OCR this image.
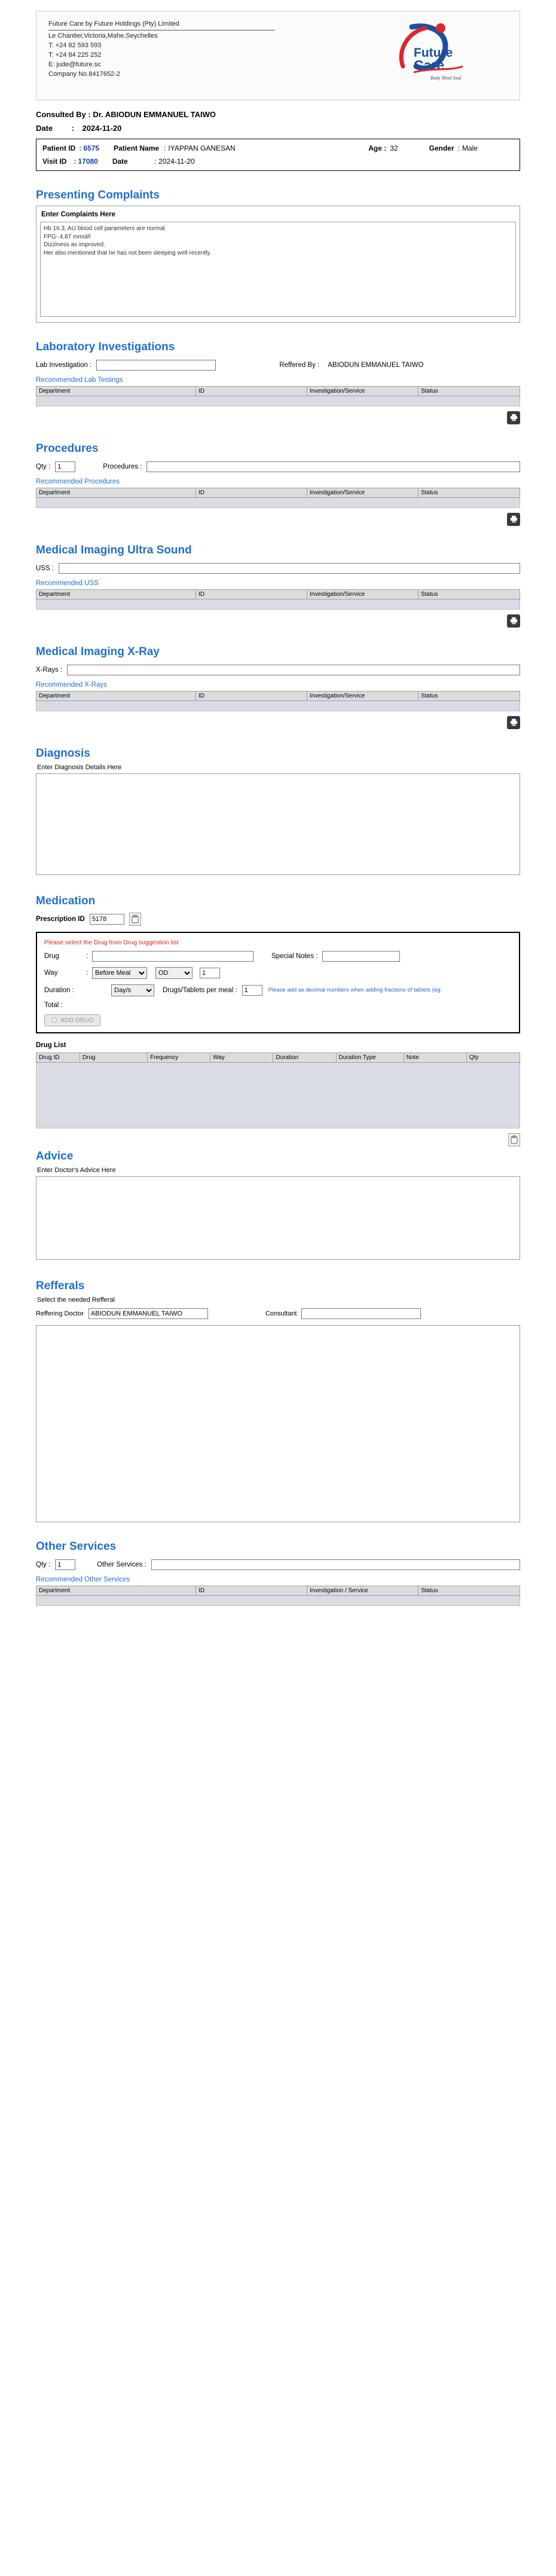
Future Care by Future Holdings (Pty) Limited
Le Chantier,Victoria,Mahe,Seychelles
T: +24 82 593 593
T: +24 84 225 252
E: jude@future.sc
Company No.8417652-2
Future
Care
Body Mind Soul
Consulted By : Dr. ABIODUN EMMANUEL TAIWO
Date : 2024-11-20
Patient ID : 6575 Patient Name : IYAPPAN GANESAN	Age : 32	Gender : Male
Visit ID : 17080 Date	: 2024-11-20
Presenting Complaints
Enter Complaints Here
Hb 16.3, AU blood cell parameters are normal FPG- 4.87 mmol/l Dizziness as improved. Her also mentioned that he has not been sleeping well recently.
Laboratory Investigations
Lab Investigation :	Reffered By : ABIODUN EMMANUEL TAIWO
Recommended Lab Testings
Department	ID	Investigation/Service	Status

Procedures
Qty :
1	Procedures :
Recommended Procedures
Department	ID	Investigation/Service	Status

Medical Imaging Ultra Sound
USS :
Recommended USS
Department	ID	Investigation/Service	Status

Medical Imaging X-Ray
X-Rays :
Recommended X-Rays
Department	ID	Investigation/Service	Status

Diagnosis
Enter Diagnosis Details Here
Medication
Prescription ID
5178
Please select the Drug from Drug suggestion list
Drug	:	Special Notes :
Way	:
Before Meal
OD
1
Duration :
Day/s	Drugs/Tablets per meal :
1	Please add as decimal numbers when adding fractions of tablets (eg:
Total :
ADD DRUG
Drug List
Drug ID	Drug	Frequency	Way	Duration	Duration Type	Note	Qty

Advice
Enter Doctor's Advice Here
Refferals
Select the needed Refferal
Reffering Doctor
ABIODUN EMMANUEL TAIWO	Consultant
Other Services
Qty :
1	Other Services :
Recommended Other Services
Department	ID	Investigation / Service	Status
